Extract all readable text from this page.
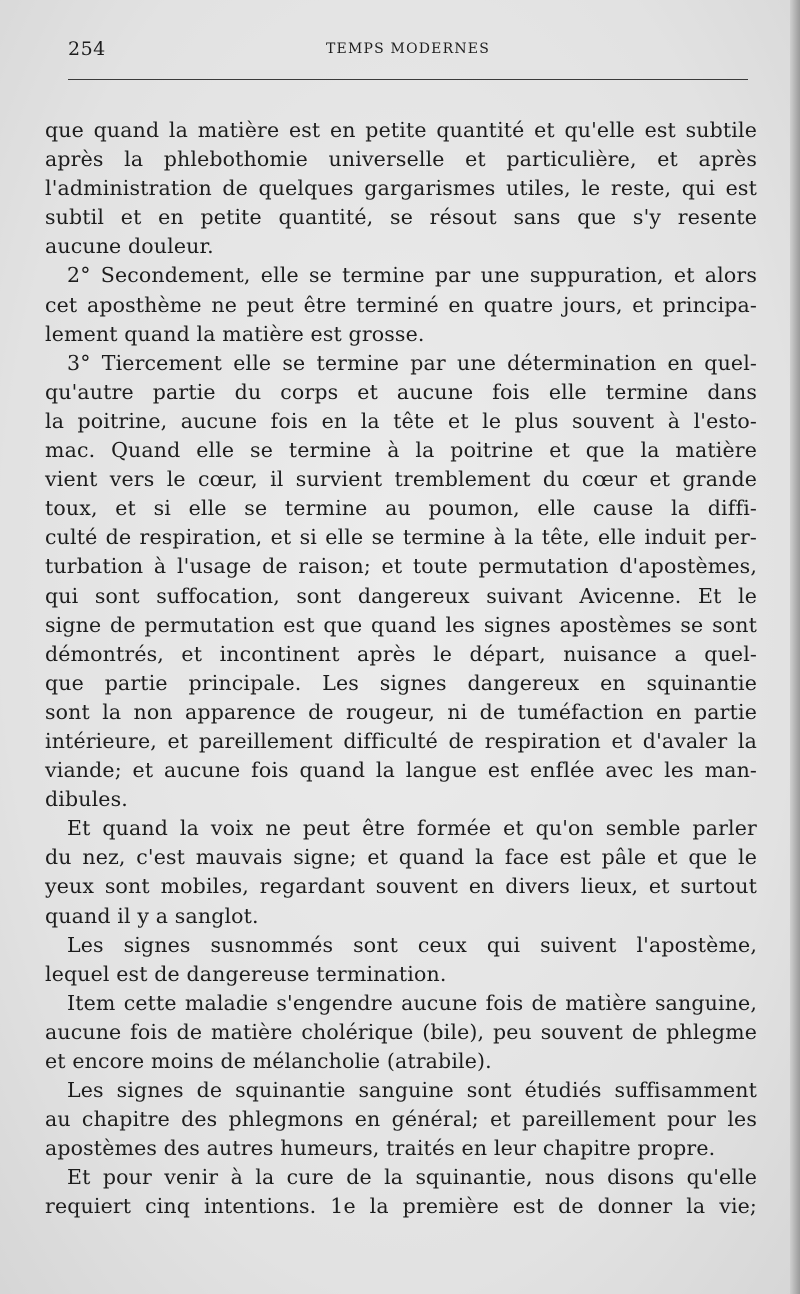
254	TEMPS MODERNES

que quand la matière est en petite quantité et qu'elle est subtile

après la phlebothomie universelle et particulière, et après

l'administration de quelques gargarismes utiles, le reste, qui est

subtil et en petite quantité, se résout sans que s'y resente

aucune douleur.

2° Secondement, elle se termine par une suppuration, et alors

cet aposthème ne peut être terminé en quatre jours, et principa-

lement quand la matière est grosse.

3° Tiercement elle se termine par une détermination en quel-

qu'autre partie du corps et aucune fois elle termine dans

la poitrine, aucune fois en la tête et le plus souvent à l'esto-

mac. Quand elle se termine à la poitrine et que la matière

vient vers le cœur, il survient tremblement du cœur et grande

toux, et si elle se termine au poumon, elle cause la diffi-

culté de respiration, et si elle se termine à la tête, elle induit per-

turbation à l'usage de raison; et toute permutation d'apostèmes,

qui sont suffocation, sont dangereux suivant Avicenne. Et le

signe de permutation est que quand les signes apostèmes se sont

démontrés, et incontinent après le départ, nuisance a quel-

que partie principale. Les signes dangereux en squinantie

sont la non apparence de rougeur, ni de tuméfaction en partie

intérieure, et pareillement difficulté de respiration et d'avaler la

viande; et aucune fois quand la langue est enflée avec les man-

dibules.

Et quand la voix ne peut être formée et qu'on semble parler

du nez, c'est mauvais signe; et quand la face est pâle et que le

yeux sont mobiles, regardant souvent en divers lieux, et surtout

quand il y a sanglot.

Les signes susnommés sont ceux qui suivent l'apostème,

lequel est de dangereuse termination.

Item cette maladie s'engendre aucune fois de matière sanguine,

aucune fois de matière cholérique (bile), peu souvent de phlegme

et encore moins de mélancholie (atrabile).

Les signes de squinantie sanguine sont étudiés suffisamment

au chapitre des phlegmons en général; et pareillement pour les

apostèmes des autres humeurs, traités en leur chapitre propre.

Et pour venir à la cure de la squinantie, nous disons qu'elle

requiert cinq intentions. 1e la première est de donner la vie;
